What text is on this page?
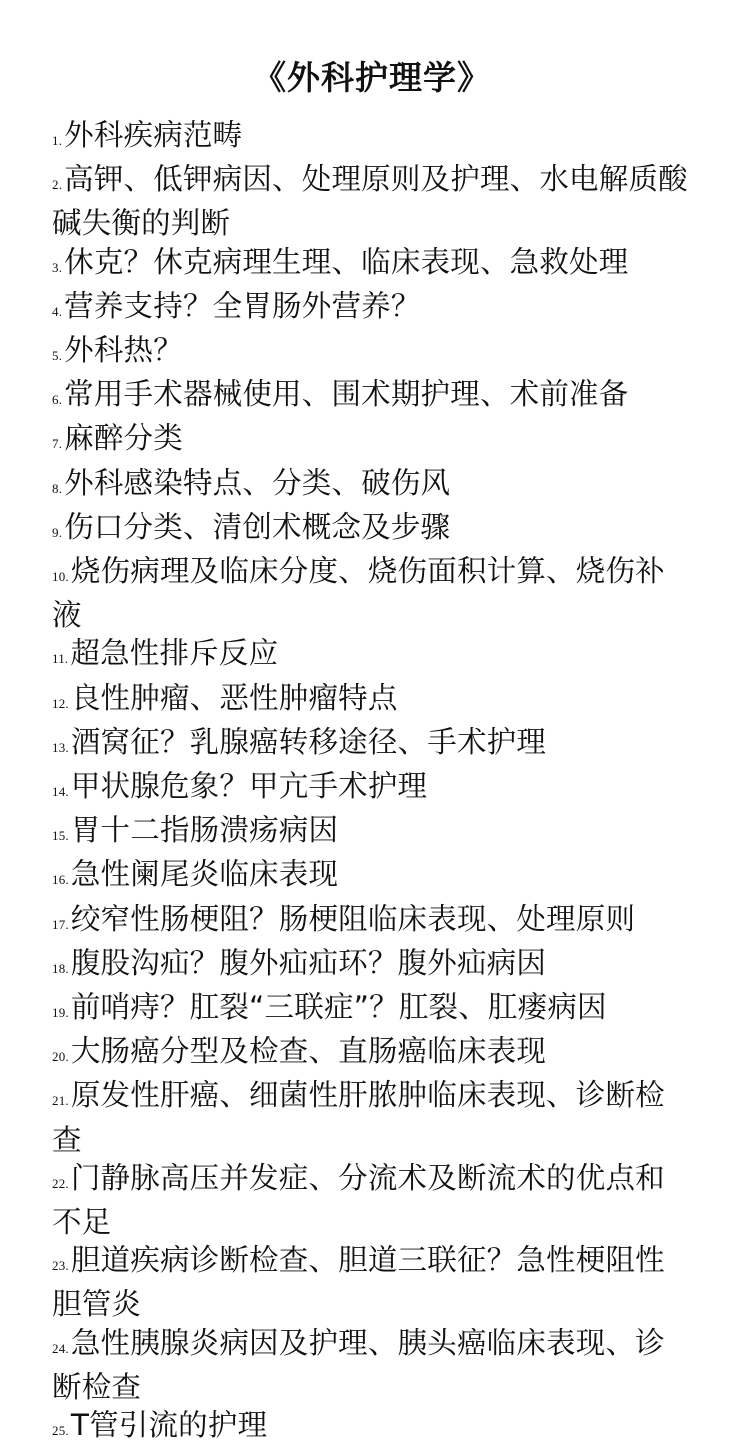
《外科护理学》
1.外科疾病范畴
2.高钾、低钾病因、处理原则及护理、水电解质酸碱失衡的判断
3.休克？休克病理生理、临床表现、急救处理
4.营养支持？全胃肠外营养？
5.外科热？
6.常用手术器械使用、围术期护理、术前准备
7.麻醉分类
8.外科感染特点、分类、破伤风
9.伤口分类、清创术概念及步骤
10.烧伤病理及临床分度、烧伤面积计算、烧伤补液
11.超急性排斥反应
12.良性肿瘤、恶性肿瘤特点
13.酒窝征？乳腺癌转移途径、手术护理
14.甲状腺危象？甲亢手术护理
15.胃十二指肠溃疡病因
16.急性阑尾炎临床表现
17.绞窄性肠梗阻？肠梗阻临床表现、处理原则
18.腹股沟疝？腹外疝疝环？腹外疝病因
19.前哨痔？肛裂“三联症”？肛裂、肛瘘病因
20.大肠癌分型及检查、直肠癌临床表现
21.原发性肝癌、细菌性肝脓肿临床表现、诊断检查
22.门静脉高压并发症、分流术及断流术的优点和不足
23.胆道疾病诊断检查、胆道三联征？急性梗阻性胆管炎
24.急性胰腺炎病因及护理、胰头癌临床表现、诊断检查
25.T管引流的护理
